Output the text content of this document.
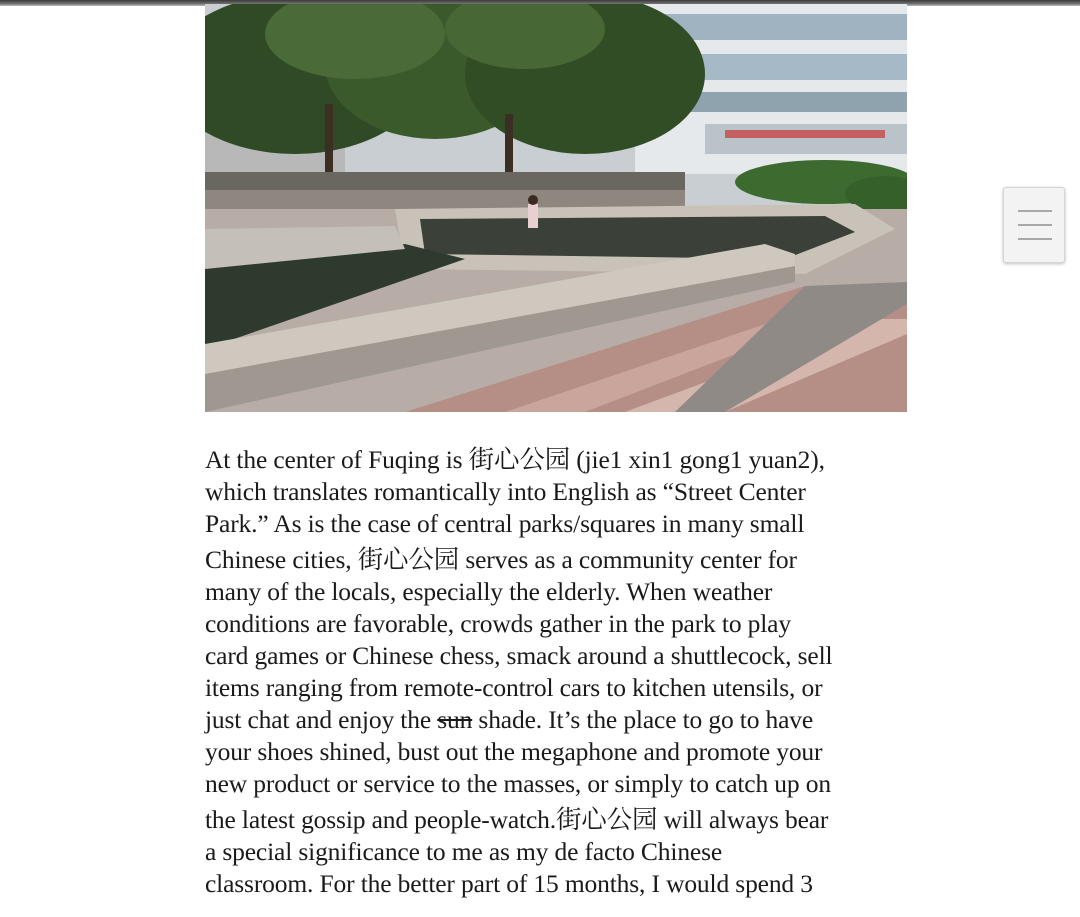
At the center of Fuqing is 街心公园 (jie1 xin1 gong1 yuan2),
which translates romantically into English as “Street Center
Park.” As is the case of central parks/squares in many small
Chinese cities, 街心公园 serves as a community center for
many of the locals, especially the elderly. When weather
conditions are favorable, crowds gather in the park to play
card games or Chinese chess, smack around a shuttlecock, sell
items ranging from remote-control cars to kitchen utensils, or
just chat and enjoy the sun shade. It’s the place to go to have
your shoes shined, bust out the megaphone and promote your
new product or service to the masses, or simply to catch up on
the latest gossip and people-watch.街心公园 will always bear
a special significance to me as my de facto Chinese
classroom. For the better part of 15 months, I would spend 3
